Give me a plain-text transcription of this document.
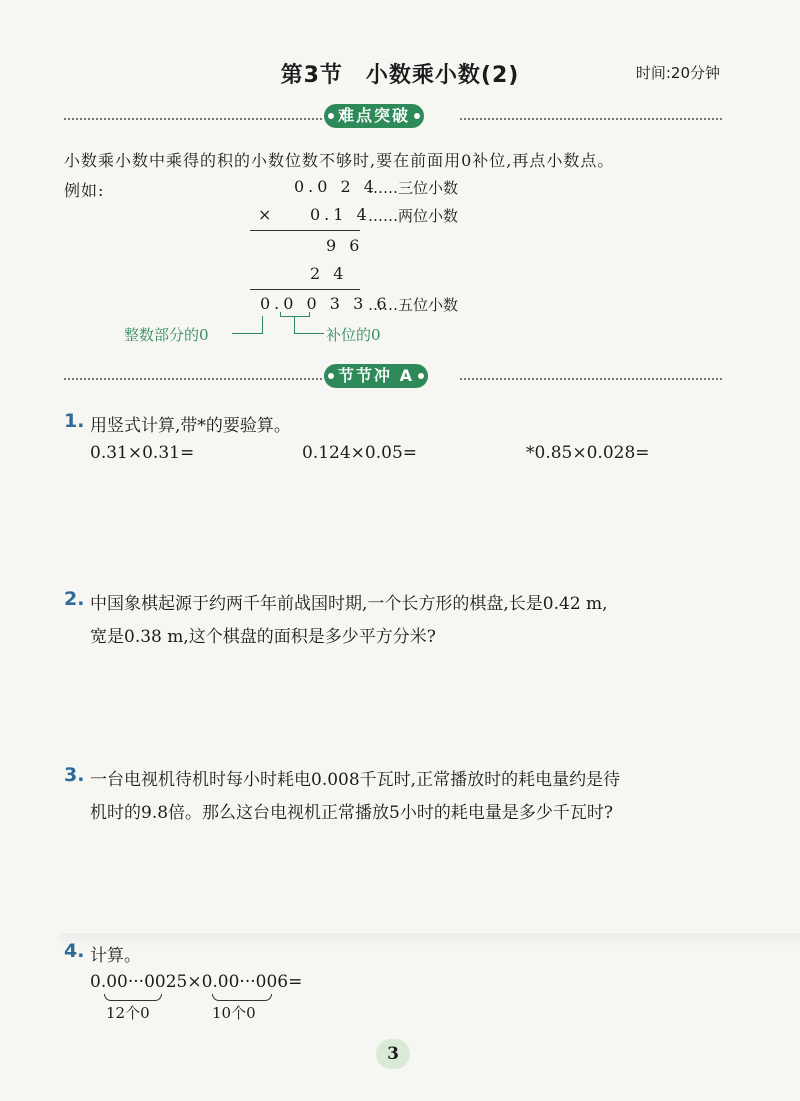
第3节　小数乘小数(2)	时间:20分钟
难点突破
小数乘小数中乘得的积的小数位数不够时,要在前面用0补位,再点小数点。
例如:	0.0 2 4
……三位小数
× 0.1 4
……两位小数
9 6
2 4
0.0 0 3 3 6
……五位小数
整数部分的0	补位的0
节节冲 A
1. 用竖式计算,带*的要验算。
0.31×0.31=	0.124×0.05=	*0.85×0.028=
2. 中国象棋起源于约两千年前战国时期,一个长方形的棋盘,长是0.42 m,
宽是0.38 m,这个棋盘的面积是多少平方分米?
3. 一台电视机待机时每小时耗电0.008千瓦时,正常播放时的耗电量约是待
机时的9.8倍。那么这台电视机正常播放5小时的耗电量是多少千瓦时?
4. 计算。
0.00···0025×0.00···006=
12个0	10个0
3
